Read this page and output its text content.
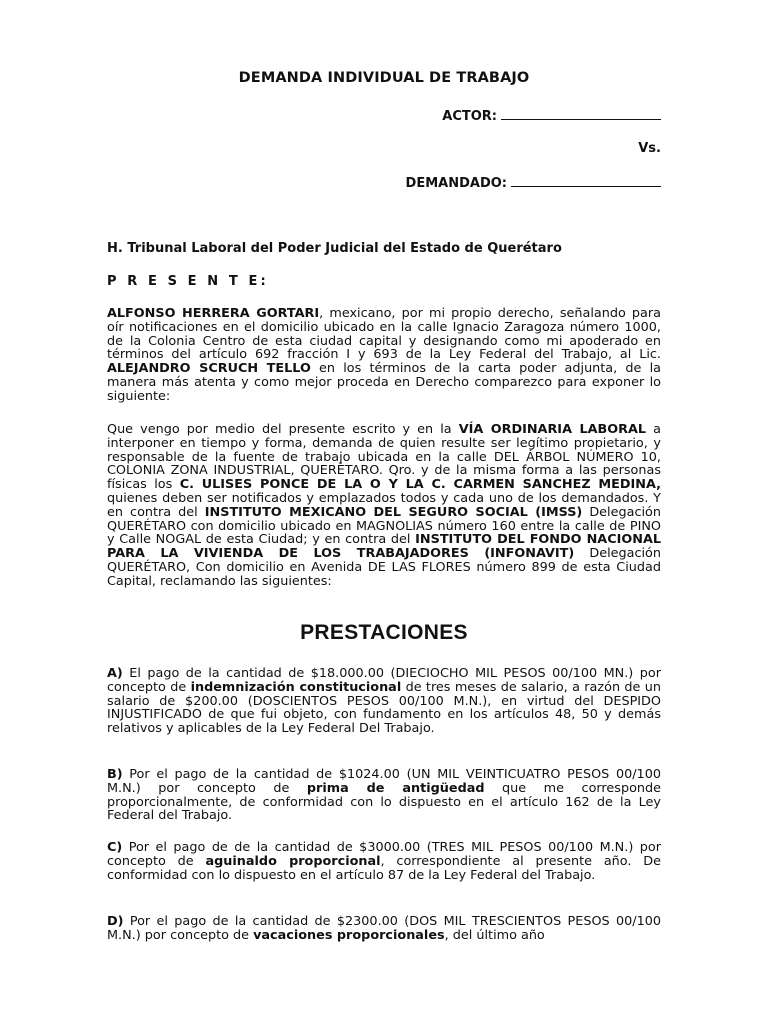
DEMANDA INDIVIDUAL DE TRABAJO
ACTOR:
Vs.
DEMANDADO:
H. Tribunal Laboral del Poder Judicial del Estado de Querétaro
P R E S E N T E:
ALFONSO HERRERA GORTARI, mexicano, por mi propio derecho, señalando para oír notificaciones en el domicilio ubicado en la calle Ignacio Zaragoza número 1000, de la Colonia Centro de esta ciudad capital y designando como mi apoderado en términos del artículo 692 fracción I y 693 de la Ley Federal del Trabajo, al Lic. ALEJANDRO SCRUCH TELLO en los términos de la carta poder adjunta, de la manera más atenta y como mejor proceda en Derecho comparezco para exponer lo siguiente:
Que vengo por medio del presente escrito y en la VÍA ORDINARIA LABORAL a interponer en tiempo y forma, demanda de quien resulte ser legítimo propietario, y responsable de la fuente de trabajo ubicada en la calle DEL ÁRBOL NÚMERO 10, COLONIA ZONA INDUSTRIAL, QUERÉTARO. Qro. y de la misma forma a las personas físicas los C. ULISES PONCE DE LA O Y LA C. CARMEN SANCHEZ MEDINA, quienes deben ser notificados y emplazados todos y cada uno de los demandados. Y en contra del INSTITUTO MEXICANO DEL SEGURO SOCIAL (IMSS) Delegación QUERÉTARO con domicilio ubicado en MAGNOLIAS número 160 entre la calle de PINO y Calle NOGAL de esta Ciudad; y en contra del INSTITUTO DEL FONDO NACIONAL PARA LA VIVIENDA DE LOS TRABAJADORES (INFONAVIT) Delegación QUERÉTARO, Con domicilio en Avenida DE LAS FLORES número 899 de esta Ciudad Capital, reclamando las siguientes:
PRESTACIONES
A) El pago de la cantidad de $18.000.00 (DIECIOCHO MIL PESOS 00/100 MN.) por concepto de indemnización constitucional de tres meses de salario, a razón de un salario de $200.00 (DOSCIENTOS PESOS 00/100 M.N.), en virtud del DESPIDO INJUSTIFICADO de que fui objeto, con fundamento en los artículos 48, 50 y demás relativos y aplicables de la Ley Federal Del Trabajo.
B) Por el pago de la cantidad de $1024.00 (UN MIL VEINTICUATRO PESOS 00/100 M.N.) por concepto de prima de antigüedad que me corresponde proporcionalmente, de conformidad con lo dispuesto en el artículo 162 de la Ley Federal del Trabajo.
C) Por el pago de de la cantidad de $3000.00 (TRES MIL PESOS 00/100 M.N.) por concepto de aguinaldo proporcional, correspondiente al presente año. De conformidad con lo dispuesto en el artículo 87 de la Ley Federal del Trabajo.
D) Por el pago de la cantidad de $2300.00 (DOS MIL TRESCIENTOS PESOS 00/100 M.N.) por concepto de vacaciones proporcionales, del último año
